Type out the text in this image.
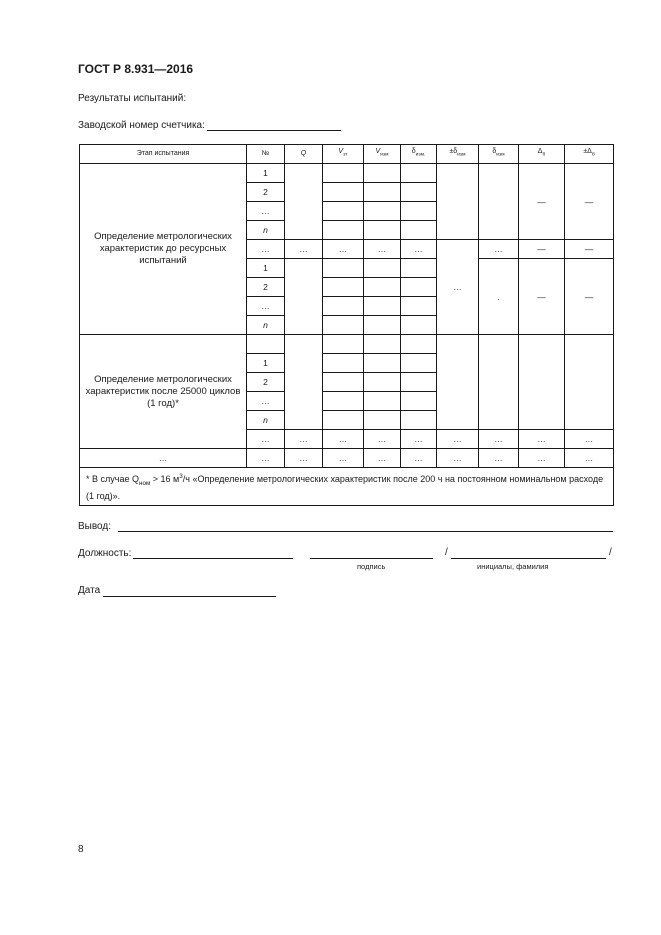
ГОСТ Р 8.931—2016
Результаты испытаний:
Заводской номер счетчика:
Этап испытания	№	Q	$V_{эт}$	$V_{изм}$	$\delta_{изм.}$	$\pm\delta_{изм}$	$\delta_{изм}$	$\Delta_б$	$\pm\Delta_б$
Определение метрологических характеристик до ресурсных испытаний	1							—	—
	2								
	…								
	n								
	…	…	…	…	…	…	…	—	—
	1						.	—	—
	2								
	…								
	n								
Определение метрологических характеристик после 25000 циклов (1 год)*									
	1								
	2								
	…								
	n								
	…	…	…	…	…	…	…	…	…
…	…	…	…	…	…	…	…	…	…
* В случае $Q_{ном} > 16$ $м^3/ч$ «Определение метрологических характеристик после 200 ч на постоянном номинальном расходе (1 год)».									
Вывод:
Должность:	/	/
подпись	инициалы, фамилия
Дата
8
